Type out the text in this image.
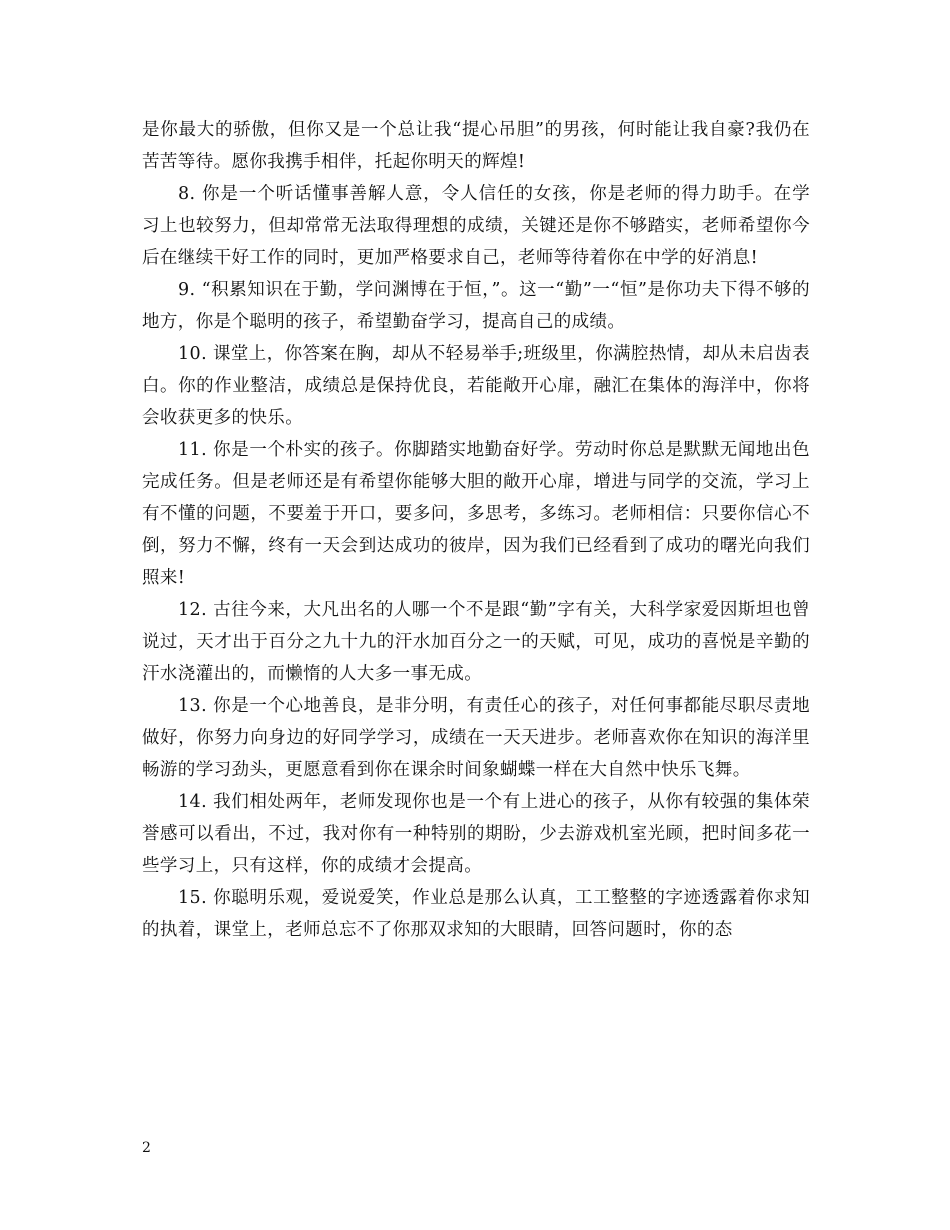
是你最大的骄傲，但你又是一个总让我“提心吊胆”的男孩，何时能让我自豪?我仍在苦苦等待。愿你我携手相伴，托起你明天的辉煌!

8. 你是一个听话懂事善解人意，令人信任的女孩，你是老师的得力助手。在学习上也较努力，但却常常无法取得理想的成绩，关键还是你不够踏实，老师希望你今后在继续干好工作的同时，更加严格要求自己，老师等待着你在中学的好消息!

9. “积累知识在于勤，学问渊博在于恒，”。这一“勤”一“恒”是你功夫下得不够的地方，你是个聪明的孩子，希望勤奋学习，提高自己的成绩。

10. 课堂上，你答案在胸，却从不轻易举手;班级里，你满腔热情，却从未启齿表白。你的作业整洁，成绩总是保持优良，若能敞开心扉，融汇在集体的海洋中，你将会收获更多的快乐。

11. 你是一个朴实的孩子。你脚踏实地勤奋好学。劳动时你总是默默无闻地出色完成任务。但是老师还是有希望你能够大胆的敞开心扉，增进与同学的交流，学习上有不懂的问题，不要羞于开口，要多问，多思考，多练习。老师相信：只要你信心不倒，努力不懈，终有一天会到达成功的彼岸，因为我们已经看到了成功的曙光向我们照来!

12. 古往今来，大凡出名的人哪一个不是跟“勤”字有关，大科学家爱因斯坦也曾说过，天才出于百分之九十九的汗水加百分之一的天赋，可见，成功的喜悦是辛勤的汗水浇灌出的，而懒惰的人大多一事无成。

13. 你是一个心地善良，是非分明，有责任心的孩子，对任何事都能尽职尽责地做好，你努力向身边的好同学学习，成绩在一天天进步。老师喜欢你在知识的海洋里畅游的学习劲头，更愿意看到你在课余时间象蝴蝶一样在大自然中快乐飞舞。

14. 我们相处两年，老师发现你也是一个有上进心的孩子，从你有较强的集体荣誉感可以看出，不过，我对你有一种特别的期盼，少去游戏机室光顾，把时间多花一些学习上，只有这样，你的成绩才会提高。

15. 你聪明乐观，爱说爱笑，作业总是那么认真，工工整整的字迹透露着你求知的执着，课堂上，老师总忘不了你那双求知的大眼睛，回答问题时，你的态

2
